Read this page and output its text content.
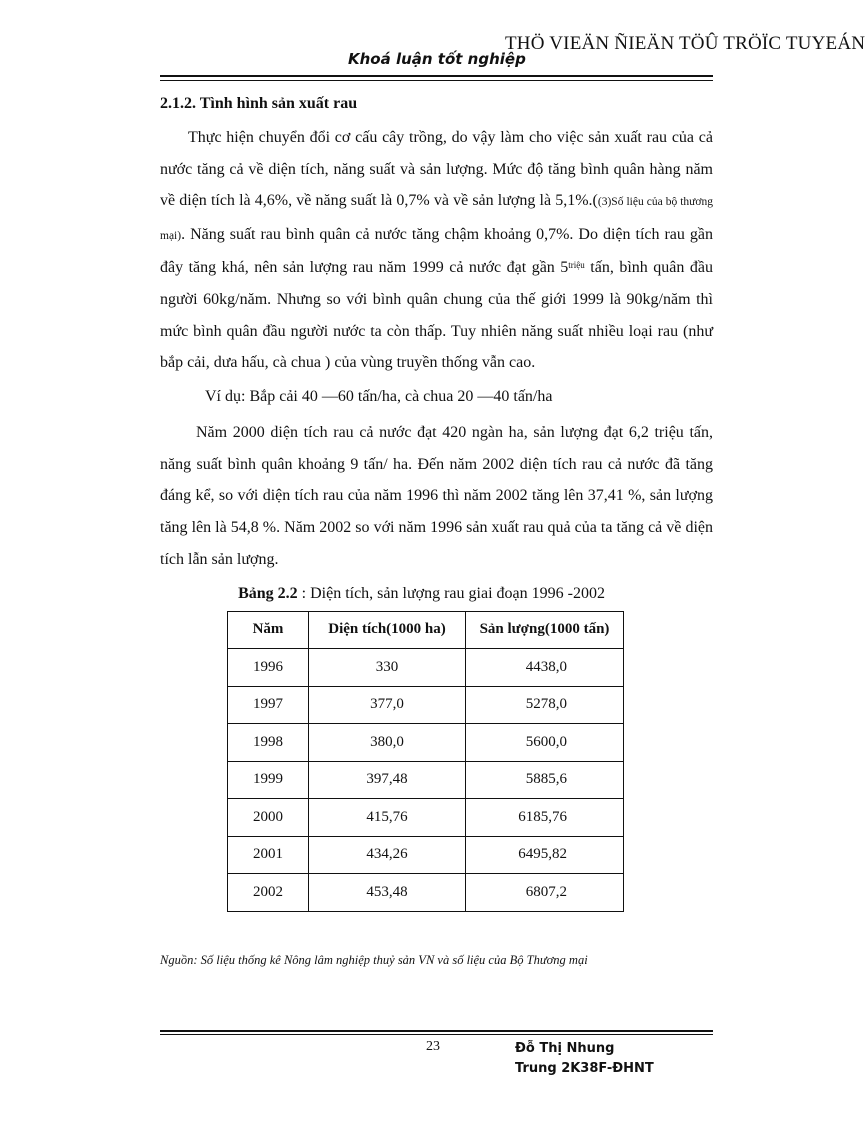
THÖ VIEÄN ÑIEÄN TÖÛ TRÖÏC TUYEÁN
Khoá luận tốt nghiệp
2.1.2. Tình hình sản xuất rau

Thực hiện chuyển đổi cơ cấu cây trồng, do vậy làm cho việc sản xuất rau của cả nước tăng cả về diện tích, năng suất và sản lượng. Mức độ tăng bình quân hàng năm về diện tích là 4,6%, về năng suất là 0,7% và về sản lượng là 5,1%.((3)Số liệu của bộ thương mại). Năng suất rau bình quân cả nước tăng chậm khoảng 0,7%. Do diện tích rau gần đây tăng khá, nên sản lượng rau năm 1999 cả nước đạt gần $5^{triệu}$ tấn, bình quân đầu người 60kg/năm. Nhưng so với bình quân chung của thế giới 1999 là 90kg/năm thì mức bình quân đầu người nước ta còn thấp. Tuy nhiên năng suất nhiều loại rau (như bắp cải, dưa hấu, cà chua ) của vùng truyền thống vẫn cao.

Ví dụ: Bắp cải 40 —60 tấn/ha, cà chua 20 —40 tấn/ha

Năm 2000 diện tích rau cả nước đạt 420 ngàn ha, sản lượng đạt 6,2 triệu tấn, năng suất bình quân khoảng 9 tấn/ ha. Đến năm 2002 diện tích rau cả nước đã tăng đáng kể, so với diện tích rau của năm 1996 thì năm 2002 tăng lên 37,41 %, sản lượng tăng lên là 54,8 %. Năm 2002 so với năm 1996 sản xuất rau quả của ta tăng cả về diện tích lẫn sản lượng.

Bảng 2.2 : Diện tích, sản lượng rau giai đoạn 1996 -2002
Năm	Diện tích(1000 ha)	Sản lượng(1000 tấn)
1996	330	4438,0
1997	377,0	5278,0
1998	380,0	5600,0
1999	397,48	5885,6
2000	415,76	6185,76
2001	434,26	6495,82
2002	453,48	6807,2
Nguồn: Số liệu thống kê Nông lâm nghiệp thuỷ sản VN và số liệu của Bộ Thương mại
23	Đỗ Thị Nhung
Trung 2K38F-ĐHNT
